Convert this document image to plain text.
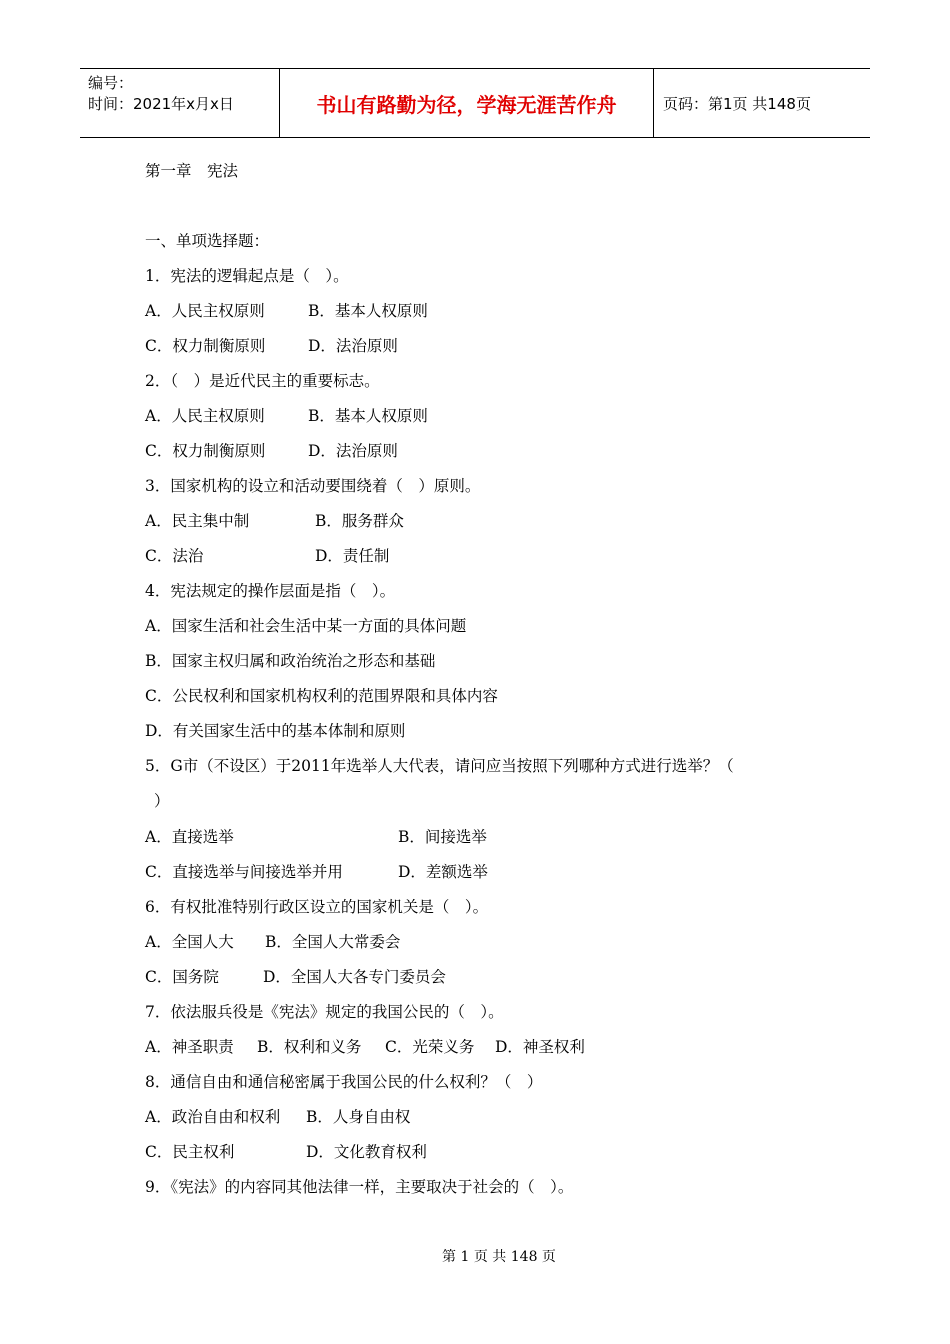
编号：
时间：2021年x月x日	书山有路勤为径，学海无涯苦作舟	页码：第1页 共148页
第一章　宪法
一、单项选择题：
1．宪法的逻辑起点是（　）。
A．人民主权原则	B．基本人权原则
C．权力制衡原则	D．法治原则
2．（　）是近代民主的重要标志。
A．人民主权原则	B．基本人权原则
C．权力制衡原则	D．法治原则
3．国家机构的设立和活动要围绕着（　）原则。
A．民主集中制	B．服务群众
C．法治	D．责任制
4．宪法规定的操作层面是指（　）。
A．国家生活和社会生活中某一方面的具体问题
B．国家主权归属和政治统治之形态和基础
C．公民权利和国家机构权利的范围界限和具体内容
D．有关国家生活中的基本体制和原则
5．G市（不设区）于2011年选举人大代表，请问应当按照下列哪种方式进行选举？（
）
A．直接选举	B．间接选举
C．直接选举与间接选举并用	D．差额选举
6．有权批准特别行政区设立的国家机关是（　）。
A．全国人大 B．全国人大常委会
C．国务院	D．全国人大各专门委员会
7．依法服兵役是《宪法》规定的我国公民的（　）。
A．神圣职责 B．权利和义务 C．光荣义务 D．神圣权利
8．通信自由和通信秘密属于我国公民的什么权利？（　）
A．政治自由和权利 B．人身自由权
C．民主权利	D．文化教育权利
9．《宪法》的内容同其他法律一样，主要取决于社会的（　）。
第 1 页 共 148 页
